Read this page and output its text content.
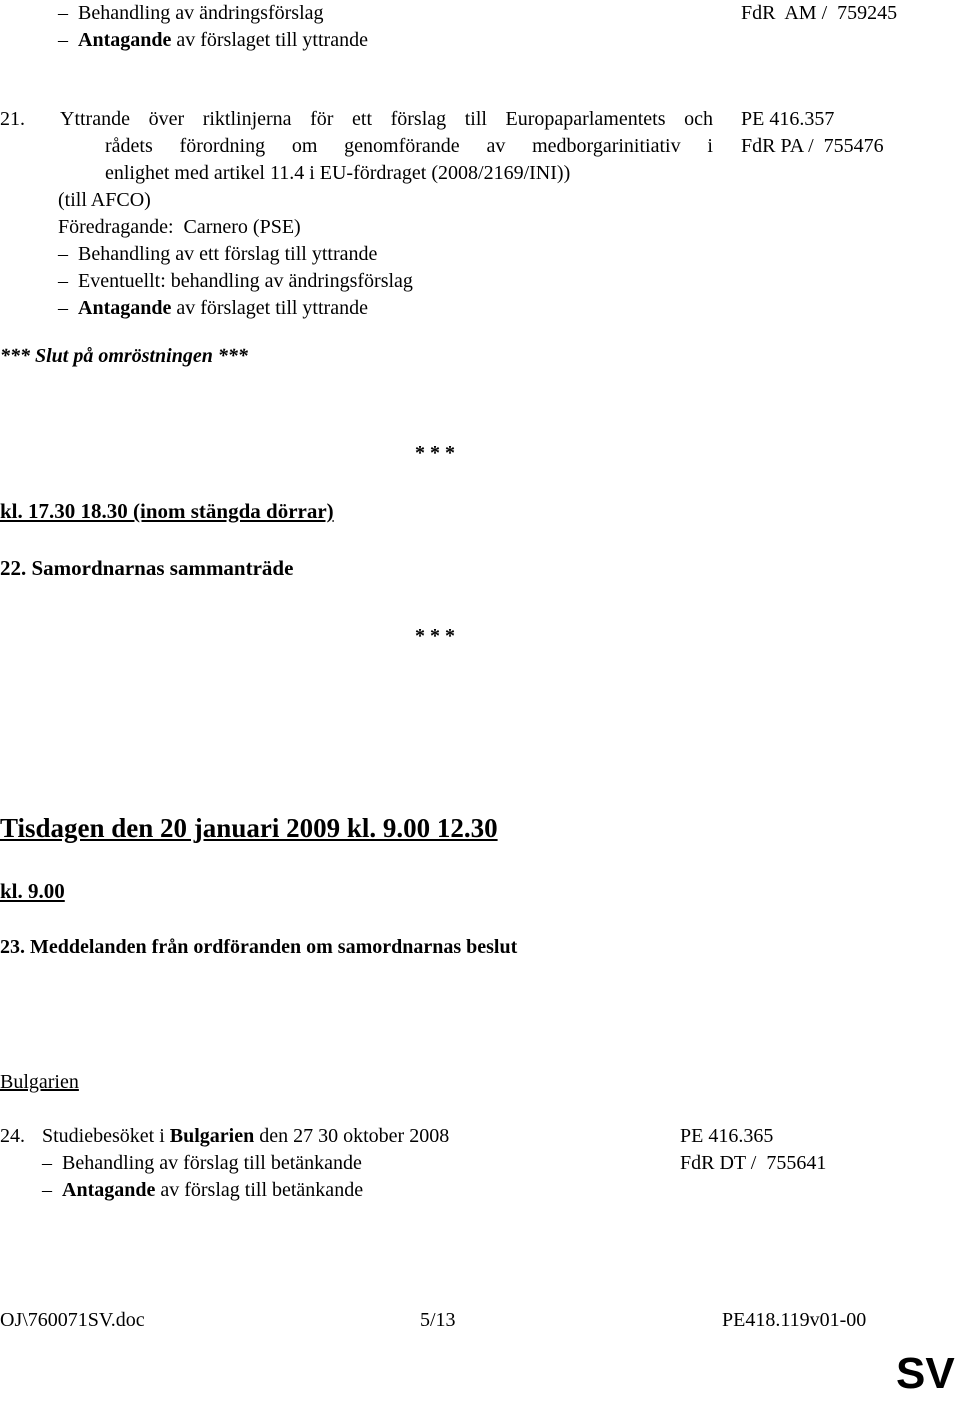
– Behandling av ändringsförslag
– Antagande av förslaget till yttrande
FdR  AM /  759245
21. Yttrande över riktlinjerna för ett förslag till Europaparlamentets och
rådets förordning om genomförande av medborgarinitiativ i
enlighet med artikel 11.4 i EU-fördraget (2008/2169/INI))
(till AFCO)
Föredragande:  Carnero (PSE)
– Behandling av ett förslag till yttrande
– Eventuellt: behandling av ändringsförslag
– Antagande av förslaget till yttrande
PE 416.357
FdR PA /  755476
*** Slut på omröstningen ***
* * *
kl. 17.30 18.30 (inom stängda dörrar)
22. Samordnarnas sammanträde
* * *
Tisdagen den 20 januari 2009 kl. 9.00 12.30
kl. 9.00
23. Meddelanden från ordföranden om samordnarnas beslut
Bulgarien
24. Studiebesöket i Bulgarien den 27 30 oktober 2008
– Behandling av förslag till betänkande
– Antagande av förslag till betänkande
PE 416.365
FdR DT /  755641
OJ\760071SV.doc	5/13	PE418.119v01-00
SV
